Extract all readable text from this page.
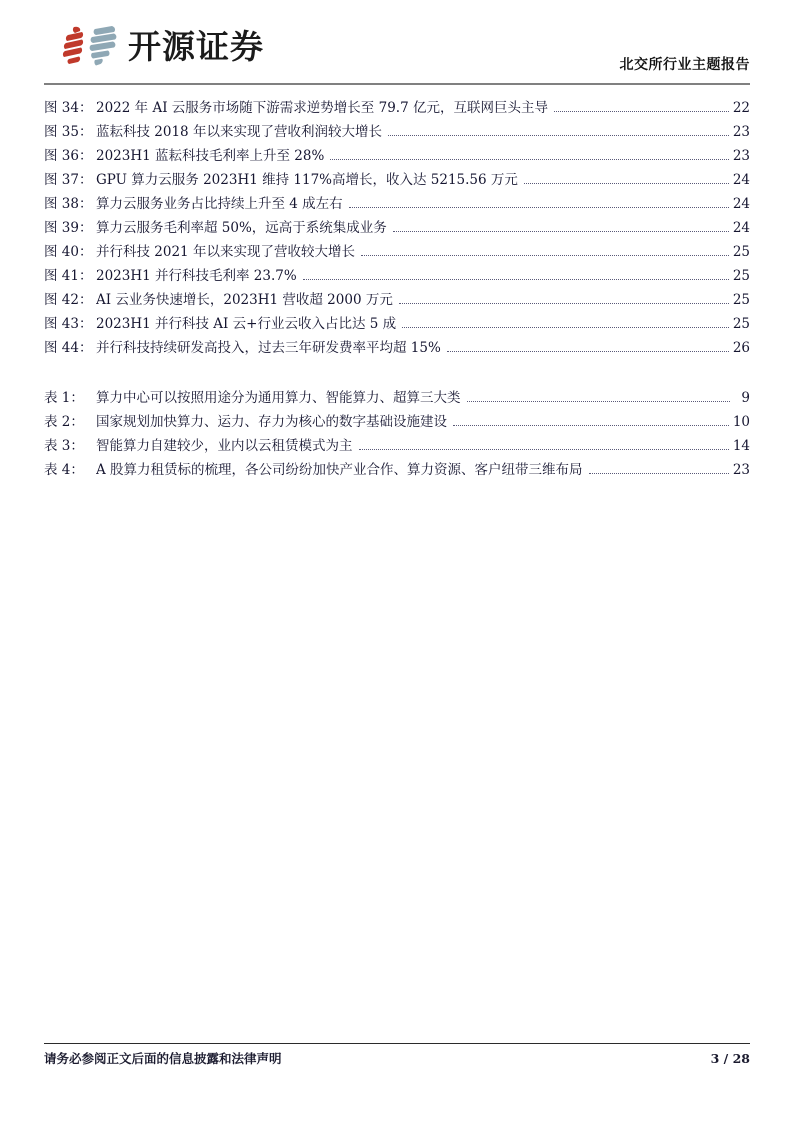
开源证券	北交所行业主题报告
图 34： 2022 年 AI 云服务市场随下游需求逆势增长至 79.7 亿元，互联网巨头主导	22
图 35： 蓝耘科技 2018 年以来实现了营收利润较大增长	23
图 36： 2023H1 蓝耘科技毛利率上升至 28%	23
图 37： GPU 算力云服务 2023H1 维持 117%高增长，收入达 5215.56 万元	24
图 38： 算力云服务业务占比持续上升至 4 成左右	24
图 39： 算力云服务毛利率超 50%，远高于系统集成业务	24
图 40： 并行科技 2021 年以来实现了营收较大增长	25
图 41： 2023H1 并行科技毛利率 23.7%	25
图 42： AI 云业务快速增长，2023H1 营收超 2000 万元	25
图 43： 2023H1 并行科技 AI 云+行业云收入占比达 5 成	25
图 44： 并行科技持续研发高投入，过去三年研发费率平均超 15%	26
表 1： 算力中心可以按照用途分为通用算力、智能算力、超算三大类	9
表 2： 国家规划加快算力、运力、存力为核心的数字基础设施建设	10
表 3： 智能算力自建较少，业内以云租赁模式为主	14
表 4： A 股算力租赁标的梳理，各公司纷纷加快产业合作、算力资源、客户纽带三维布局	23
请务必参阅正文后面的信息披露和法律声明	3 / 28
